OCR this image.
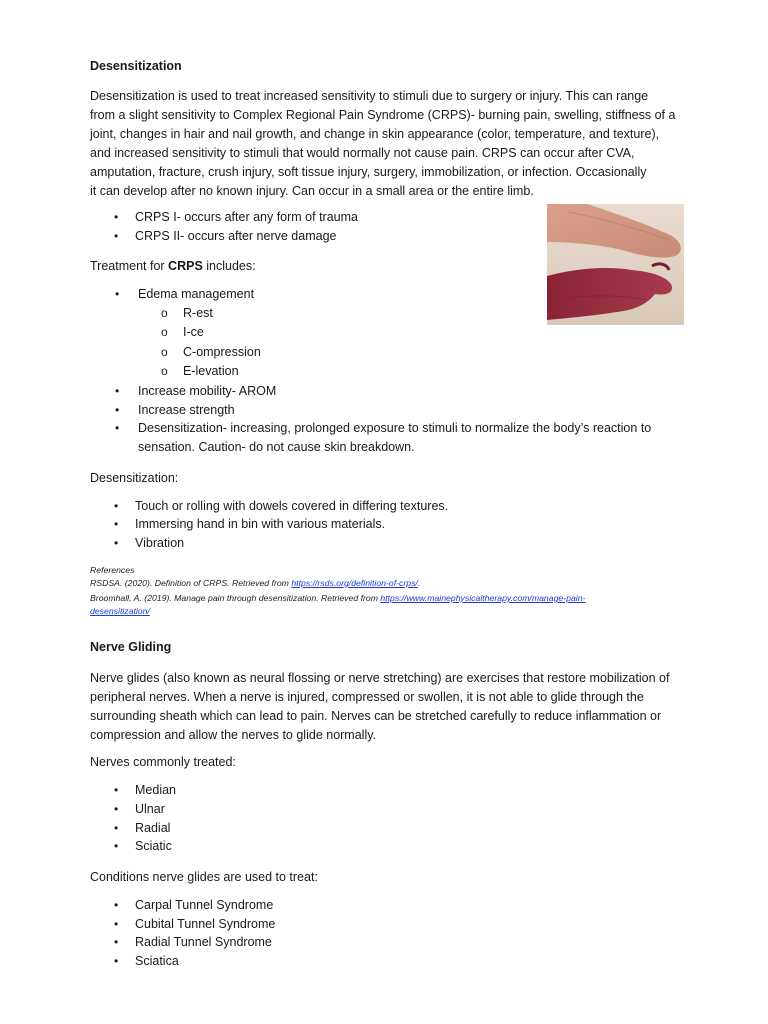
Desensitization
Desensitization is used to treat increased sensitivity to stimuli due to surgery or injury. This can range
from a slight sensitivity to Complex Regional Pain Syndrome (CRPS)- burning pain, swelling, stiffness of a
joint, changes in hair and nail growth, and change in skin appearance (color, temperature, and texture),
and increased sensitivity to stimuli that would normally not cause pain. CRPS can occur after CVA,
amputation, fracture, crush injury, soft tissue injury, surgery, immobilization, or infection. Occasionally
it can develop after no known injury. Can occur in a small area or the entire limb.
• CRPS I- occurs after any form of trauma
• CRPS II- occurs after nerve damage
Treatment for CRPS includes:
• Edema management
o R-est
o I-ce
o C-ompression
o E-levation
• Increase mobility- AROM
• Increase strength
• Desensitization- increasing, prolonged exposure to stimuli to normalize the body’s reaction to
sensation. Caution- do not cause skin breakdown.
Desensitization:
• Touch or rolling with dowels covered in differing textures.
• Immersing hand in bin with various materials.
• Vibration
References
RSDSA. (2020). Definition of CRPS. Retrieved from https://rsds.org/definition-of-crps/.
Broomhall, A. (2019). Manage pain through desensitization. Retrieved from https://www.mainephysicaltherapy.com/manage-pain-
desensitization/
Nerve Gliding
Nerve glides (also known as neural flossing or nerve stretching) are exercises that restore mobilization of
peripheral nerves. When a nerve is injured, compressed or swollen, it is not able to glide through the
surrounding sheath which can lead to pain. Nerves can be stretched carefully to reduce inflammation or
compression and allow the nerves to glide normally.
Nerves commonly treated:
• Median
• Ulnar
• Radial
• Sciatic
Conditions nerve glides are used to treat:
• Carpal Tunnel Syndrome
• Cubital Tunnel Syndrome
• Radial Tunnel Syndrome
• Sciatica
